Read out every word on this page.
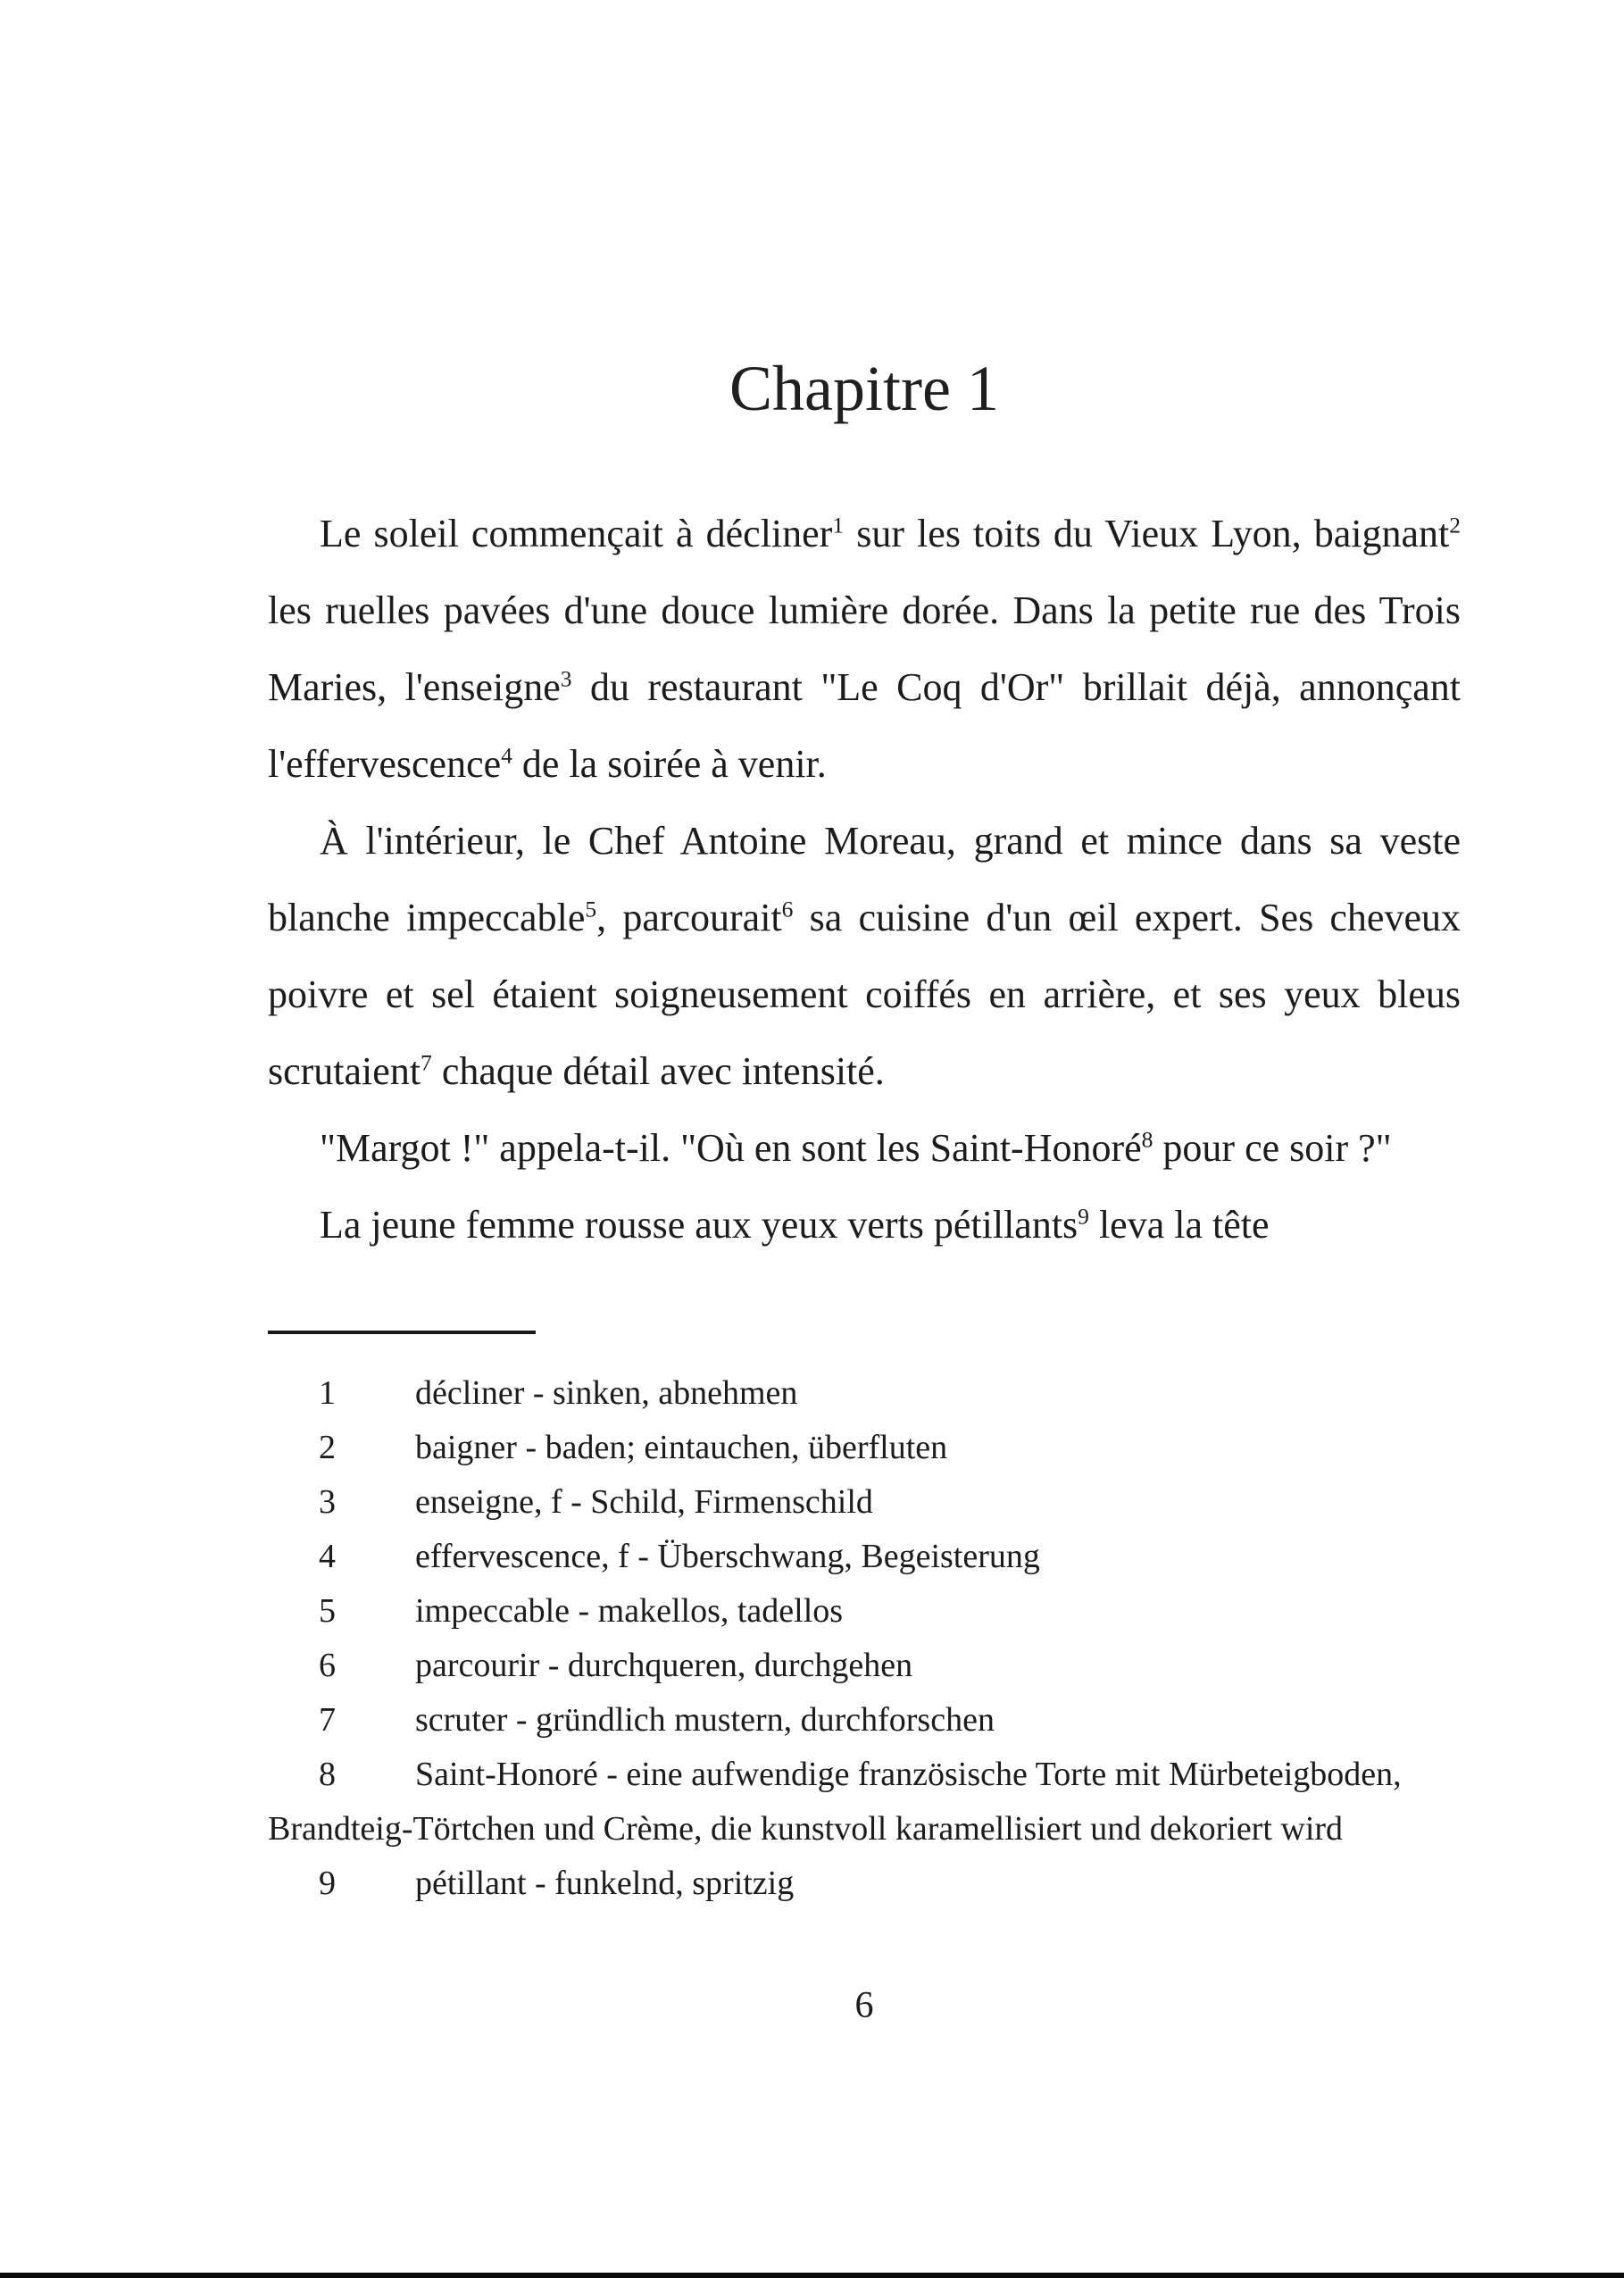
Chapitre 1

Le soleil commençait à décliner$^1$ sur les toits du Vieux Lyon, baignant$^2$ les ruelles pavées d'une douce lumière dorée. Dans la petite rue des Trois Maries, l'enseigne$^3$ du restaurant "Le Coq d'Or" brillait déjà, annonçant l'effervescence$^4$ de la soirée à venir.

À l'intérieur, le Chef Antoine Moreau, grand et mince dans sa veste blanche impeccable$^5$, parcourait$^6$ sa cuisine d'un œil expert. Ses cheveux poivre et sel étaient soigneusement coiffés en arrière, et ses yeux bleus scrutaient$^7$ chaque détail avec intensité.

"Margot !" appela-t-il. "Où en sont les Saint-Honoré$^8$ pour ce soir ?"

La jeune femme rousse aux yeux verts pétillants$^9$ leva la tête

1 décliner - sinken, abnehmen
2 baigner - baden; eintauchen, überfluten
3 enseigne, f - Schild, Firmenschild
4 effervescence, f - Überschwang, Begeisterung
5 impeccable - makellos, tadellos
6 parcourir - durchqueren, durchgehen
7 scruter - gründlich mustern, durchforschen
8 Saint-Honoré - eine aufwendige französische Torte mit Mürbeteigboden, Brandteig-Törtchen und Crème, die kunstvoll karamellisiert und dekoriert wird
9 pétillant - funkelnd, spritzig
6
